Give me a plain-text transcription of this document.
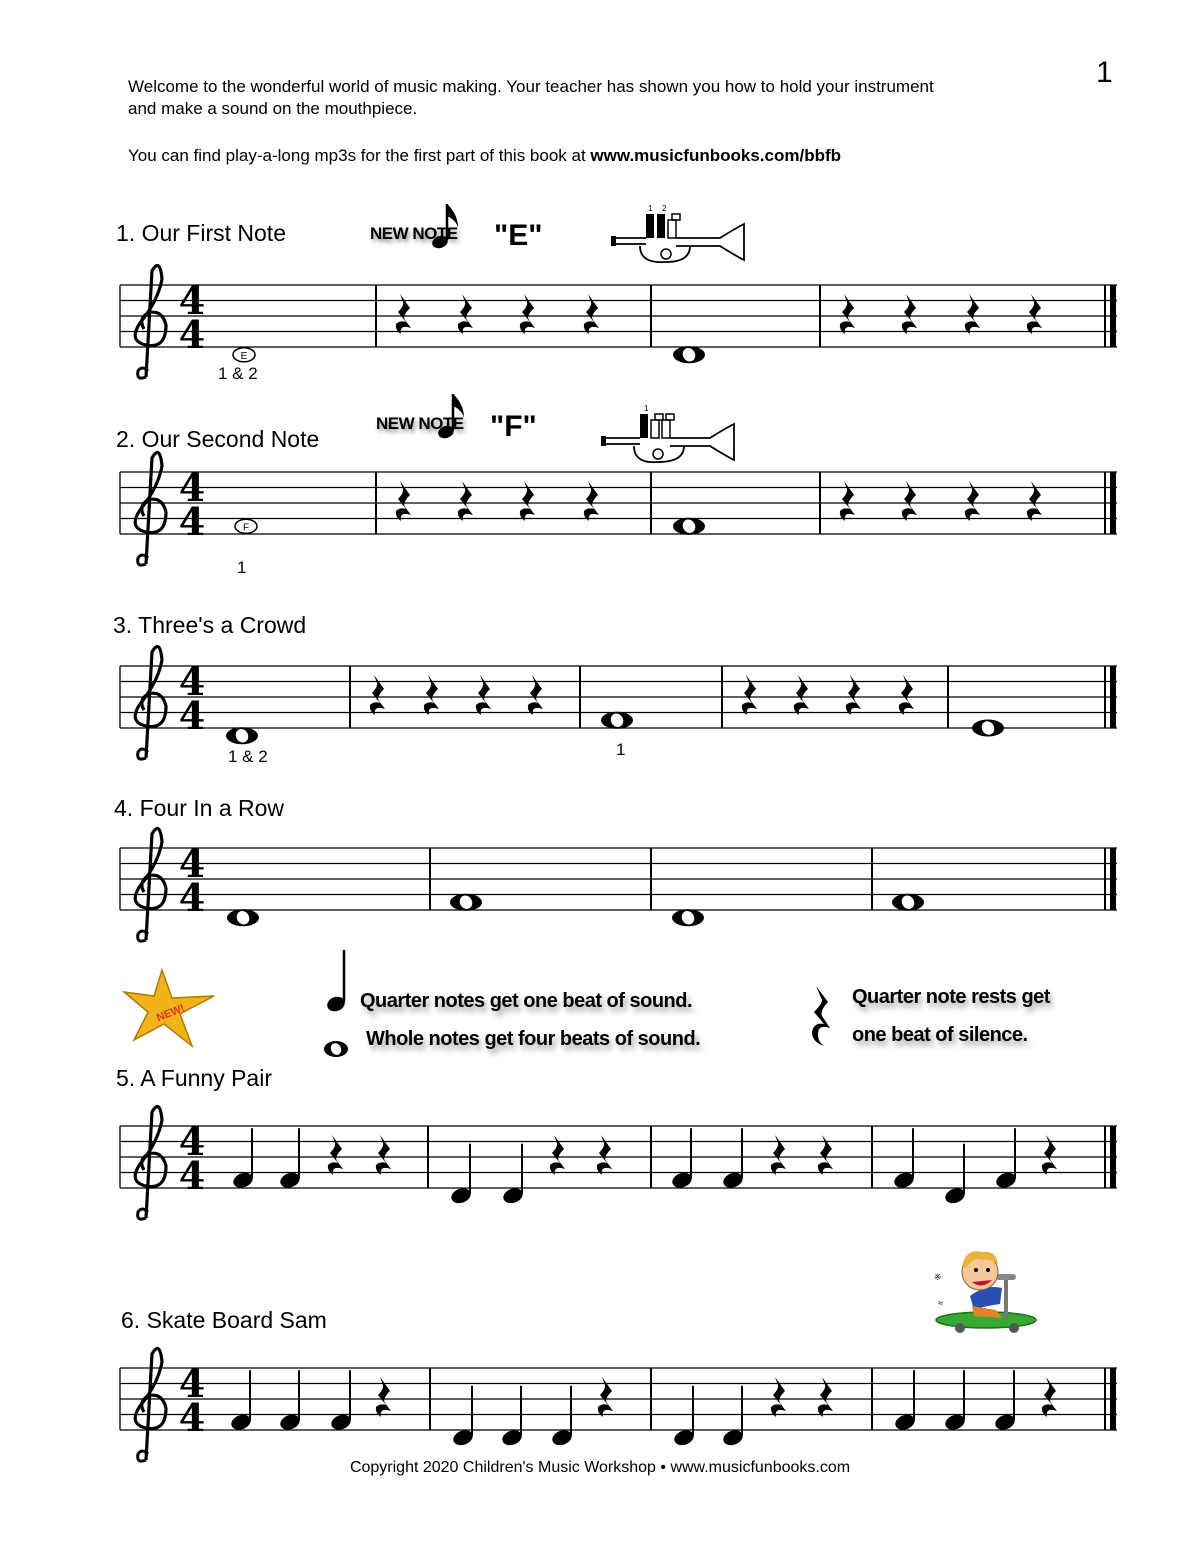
Welcome to the wonderful world of music making. Your teacher has shown you how to hold your instrument
and make a sound on the mouthpiece.
You can find play-a-long mp3s for the first part of this book at www.musicfunbooks.com/bbfb
1
1. Our First Note
2. Our Second Note
3. Three's a Crowd
4. Four In a Row
5. A Funny Pair
6. Skate Board Sam
NEW NOTE "E"
NEW NOTE "F"
1 2
1
1 & 2
1
1 & 2	1
4
4	E
4
4	F
4
4
4
4
4
4
4
4
NEW!
Quarter notes get one beat of sound.
Whole notes get four beats of sound.
Quarter note rests get
one beat of silence.
※
≈
Copyright 2020 Children's Music Workshop • www.musicfunbooks.com
